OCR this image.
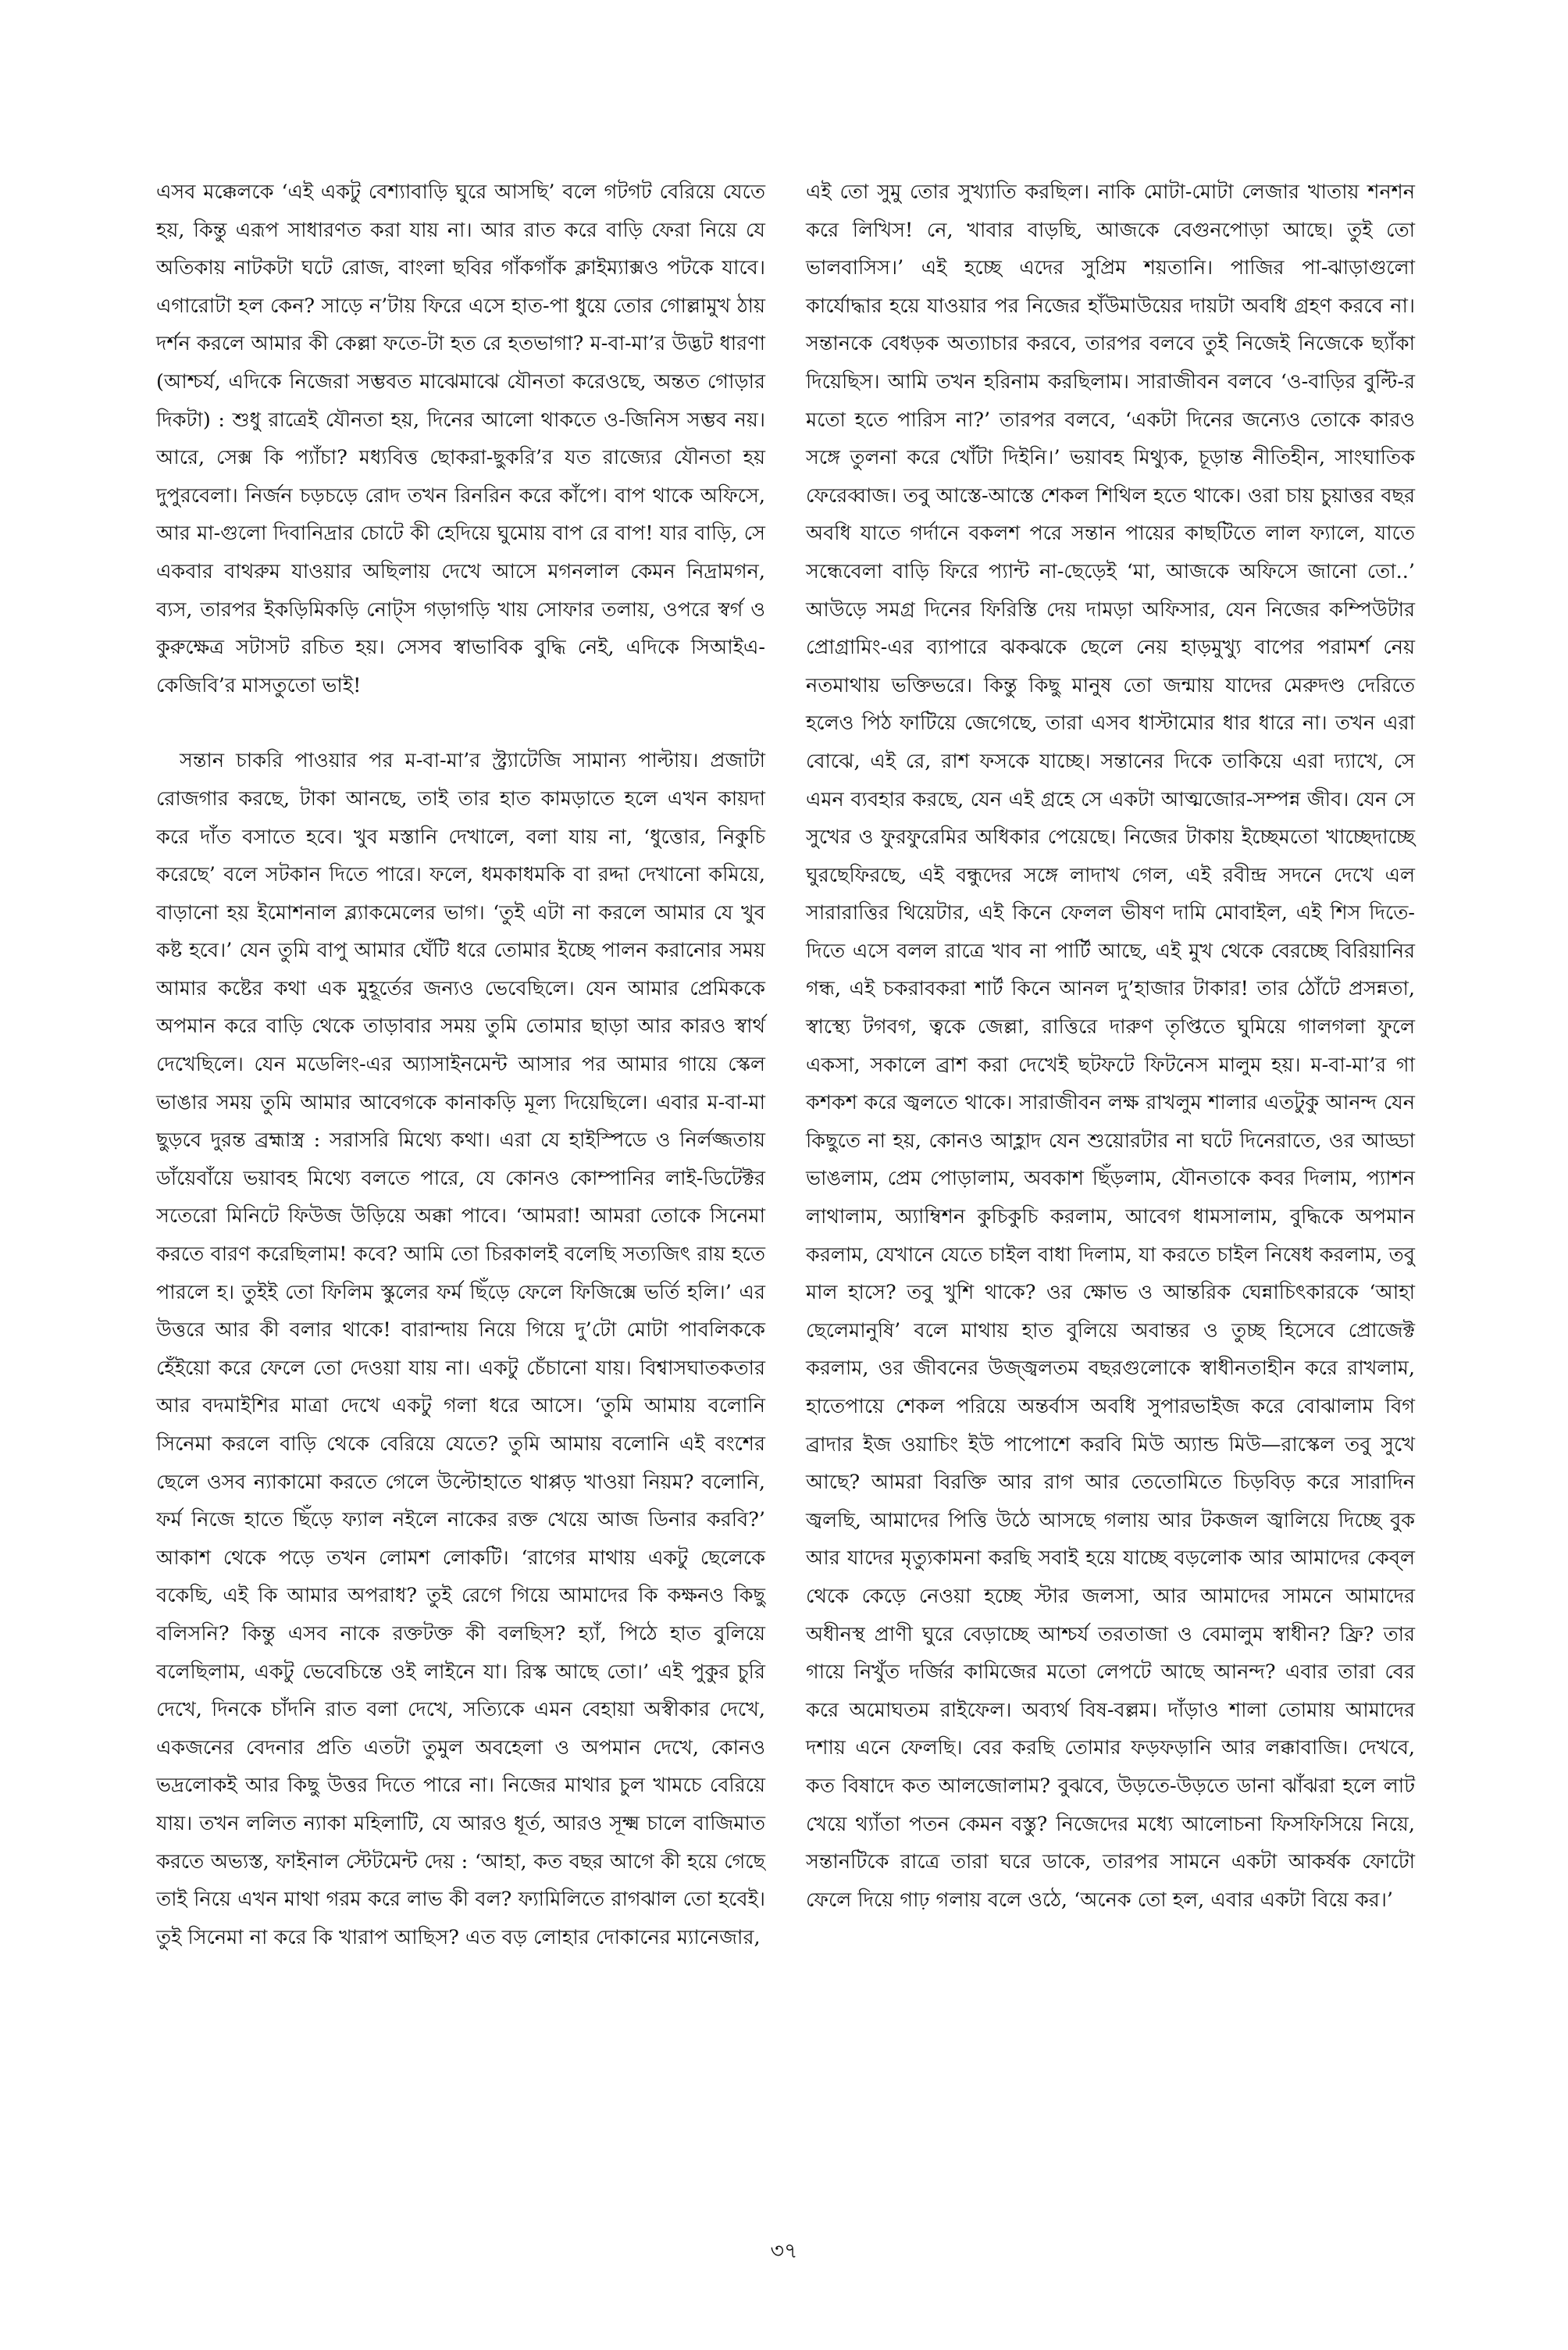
এসব মক্কেলকে ‘এই একটু বেশ্যাবাড়ি ঘুরে আসছি’ বলে গটগট বেরিয়ে যেতে হয়, কিন্তু এরূপ সাধারণত করা যায় না। আর রাত করে বাড়ি ফেরা নিয়ে যে অতিকায় নাটকটা ঘটে রোজ, বাংলা ছবির গাঁকগাঁক ক্লাইম্যাক্সও পটকে যাবে। এগারোটা হল কেন? সাড়ে ন’টায় ফিরে এসে হাত-পা ধুয়ে তোর গোল্লামুখ ঠায় দর্শন করলে আমার কী কেল্লা ফতে-টা হত রে হতভাগা? ম-বা-মা’র উদ্ভট ধারণা (আশ্চর্য, এদিকে নিজেরা সম্ভবত মাঝেমাঝে যৌনতা করেওছে, অন্তত গোড়ার দিকটা) : শুধু রাত্রেই যৌনতা হয়, দিনের আলো থাকতে ও-জিনিস সম্ভব নয়। আরে, সেক্স কি প্যাঁচা? মধ্যবিত্ত ছোকরা-ছুকরি’র যত রাজ্যের যৌনতা হয় দুপুরবেলা। নির্জন চড়চড়ে রোদ তখন রিনরিন করে কাঁপে। বাপ থাকে অফিসে, আর মা-গুলো দিবানিদ্রার চোটে কী হেদিয়ে ঘুমোয় বাপ রে বাপ! যার বাড়ি, সে একবার বাথরুম যাওয়ার অছিলায় দেখে আসে মগনলাল কেমন নিদ্রামগন, ব্যস, তারপর ইকড়িমিকড়ি নোট্স গড়াগড়ি খায় সোফার তলায়, ওপরে স্বর্গ ও কুরুক্ষেত্র সটাসট রচিত হয়। সেসব স্বাভাবিক বুদ্ধি নেই, এদিকে সিআইএ-কেজিবি’র মাসতুতো ভাই!

সন্তান চাকরি পাওয়ার পর ম-বা-মা’র স্ট্র্যাটেজি সামান্য পাল্টায়। প্রজাটা রোজগার করছে, টাকা আনছে, তাই তার হাত কামড়াতে হলে এখন কায়দা করে দাঁত বসাতে হবে। খুব মস্তানি দেখালে, বলা যায় না, ‘ধুত্তোর, নিকুচি করেছে’ বলে সটকান দিতে পারে। ফলে, ধমকাধমকি বা রদ্দা দেখানো কমিয়ে, বাড়ানো হয় ইমোশনাল ব্ল্যাকমেলের ভাগ। ‘তুই এটা না করলে আমার যে খুব কষ্ট হবে।’ যেন তুমি বাপু আমার ঘেঁটি ধরে তোমার ইচ্ছে পালন করানোর সময় আমার কষ্টের কথা এক মুহূর্তের জন্যও ভেবেছিলে। যেন আমার প্রেমিককে অপমান করে বাড়ি থেকে তাড়াবার সময় তুমি তোমার ছাড়া আর কারও স্বার্থ দেখেছিলে। যেন মডেলিং-এর অ্যাসাইনমেন্ট আসার পর আমার গায়ে স্কেল ভাঙার সময় তুমি আমার আবেগকে কানাকড়ি মূল্য দিয়েছিলে। এবার ম-বা-মা ছুড়বে দুরন্ত ব্রহ্মাস্ত্র : সরাসরি মিথ্যে কথা। এরা যে হাইস্পিডে ও নির্লজ্জতায় ডাঁয়েবাঁয়ে ভয়াবহ মিথ্যে বলতে পারে, যে কোনও কোম্পানির লাই-ডিটেক্টর সতেরো মিনিটে ফিউজ উড়িয়ে অক্কা পাবে। ‘আমরা! আমরা তোকে সিনেমা করতে বারণ করেছিলাম! কবে? আমি তো চিরকালই বলেছি সত্যজিৎ রায় হতে পারলে হ। তুইই তো ফিলিম স্কুলের ফর্ম ছিঁড়ে ফেলে ফিজিক্সে ভর্তি হলি।’ এর উত্তরে আর কী বলার থাকে! বারান্দায় নিয়ে গিয়ে দু’টো মোটা পাবলিককে হেঁইয়ো করে ফেলে তো দেওয়া যায় না। একটু চেঁচানো যায়। বিশ্বাসঘাতকতার আর বদমাইশির মাত্রা দেখে একটু গলা ধরে আসে। ‘তুমি আমায় বলোনি সিনেমা করলে বাড়ি থেকে বেরিয়ে যেতে? তুমি আমায় বলোনি এই বংশের ছেলে ওসব ন্যাকামো করতে গেলে উল্টোহাতে থাপ্পড় খাওয়া নিয়ম? বলোনি, ফর্ম নিজে হাতে ছিঁড়ে ফ্যাল নইলে নাকের রক্ত খেয়ে আজ ডিনার করবি?’ আকাশ থেকে পড়ে তখন লোমশ লোকটি। ‘রাগের মাথায় একটু ছেলেকে বকেছি, এই কি আমার অপরাধ? তুই রেগে গিয়ে আমাদের কি কক্ষনও কিছু বলিসনি? কিন্তু এসব নাকে রক্তটক্ত কী বলছিস? হ্যাঁ, পিঠে হাত বুলিয়ে বলেছিলাম, একটু ভেবেচিন্তে ওই লাইনে যা। রিস্ক আছে তো।’ এই পুকুর চুরি দেখে, দিনকে চাঁদনি রাত বলা দেখে, সত্যিকে এমন বেহায়া অস্বীকার দেখে, একজনের বেদনার প্রতি এতটা তুমুল অবহেলা ও অপমান দেখে, কোনও ভদ্রলোকই আর কিছু উত্তর দিতে পারে না। নিজের মাথার চুল খামচে বেরিয়ে যায়। তখন ললিত ন্যাকা মহিলাটি, যে আরও ধূর্ত, আরও সূক্ষ্ম চালে বাজিমাত করতে অভ্যস্ত, ফাইনাল স্টেটমেন্ট দেয় : ‘আহা, কত বছর আগে কী হয়ে গেছে তাই নিয়ে এখন মাথা গরম করে লাভ কী বল? ফ্যামিলিতে রাগঝাল তো হবেই। তুই সিনেমা না করে কি খারাপ আছিস? এত বড় লোহার দোকানের ম্যানেজার,

এই তো সুমু তোর সুখ্যাতি করছিল। নাকি মোটা-মোটা লেজার খাতায় শনশন করে লিখিস! নে, খাবার বাড়ছি, আজকে বেগুনপোড়া আছে। তুই তো ভালবাসিস।’ এই হচ্ছে এদের সুপ্রিম শয়তানি। পাজির পা-ঝাড়াগুলো কার্যোদ্ধার হয়ে যাওয়ার পর নিজের হাঁউমাউয়ের দায়টা অবধি গ্রহণ করবে না। সন্তানকে বেধড়ক অত্যাচার করবে, তারপর বলবে তুই নিজেই নিজেকে ছ্যাঁকা দিয়েছিস। আমি তখন হরিনাম করছিলাম। সারাজীবন বলবে ‘ও-বাড়ির বুল্টি-র মতো হতে পারিস না?’ তারপর বলবে, ‘একটা দিনের জন্যেও তোকে কারও সঙ্গে তুলনা করে খোঁটা দিইনি।’ ভয়াবহ মিথ্যুক, চূড়ান্ত নীতিহীন, সাংঘাতিক ফেরেব্বাজ। তবু আস্তে-আস্তে শেকল শিথিল হতে থাকে। ওরা চায় চুয়াত্তর বছর অবধি যাতে গর্দানে বকলশ পরে সন্তান পায়ের কাছটিতে লাল ফ্যালে, যাতে সন্ধেবেলা বাড়ি ফিরে প্যান্ট না-ছেড়েই ‘মা, আজকে অফিসে জানো তো..’ আউড়ে সমগ্র দিনের ফিরিস্তি দেয় দামড়া অফিসার, যেন নিজের কম্পিউটার প্রোগ্রামিং-এর ব্যাপারে ঝকঝকে ছেলে নেয় হাড়মুখ্যু বাপের পরামর্শ নেয় নতমাথায় ভক্তিভরে। কিন্তু কিছু মানুষ তো জন্মায় যাদের মেরুদণ্ড দেরিতে হলেও পিঠ ফাটিয়ে জেগেছে, তারা এসব ধাস্টামোর ধার ধারে না। তখন এরা বোঝে, এই রে, রাশ ফসকে যাচ্ছে। সন্তানের দিকে তাকিয়ে এরা দ্যাখে, সে এমন ব্যবহার করছে, যেন এই গ্রহে সে একটা আত্মজোর-সম্পন্ন জীব। যেন সে সুখের ও ফুরফুরেমির অধিকার পেয়েছে। নিজের টাকায় ইচ্ছেমতো খাচ্ছেদাচ্ছে ঘুরছেফিরছে, এই বন্ধুদের সঙ্গে লাদাখ গেল, এই রবীন্দ্র সদনে দেখে এল সারারাত্তির থিয়েটার, এই কিনে ফেলল ভীষণ দামি মোবাইল, এই শিস দিতে-দিতে এসে বলল রাত্রে খাব না পার্টি আছে, এই মুখ থেকে বেরচ্ছে বিরিয়ানির গন্ধ, এই চকরাবকরা শার্ট কিনে আনল দু’হাজার টাকার! তার ঠোঁটে প্রসন্নতা, স্বাস্থ্যে টগবগ, ত্বকে জেল্লা, রাত্তিরে দারুণ তৃপ্তিতে ঘুমিয়ে গালগলা ফুলে একসা, সকালে ব্রাশ করা দেখেই ছটফটে ফিটনেস মালুম হয়। ম-বা-মা’র গা কশকশ করে জ্বলতে থাকে। সারাজীবন লক্ষ রাখলুম শালার এতটুকু আনন্দ যেন কিছুতে না হয়, কোনও আহ্লাদ যেন শুয়োরটার না ঘটে দিনেরাতে, ওর আড্ডা ভাঙলাম, প্রেম পোড়ালাম, অবকাশ ছিঁড়লাম, যৌনতাকে কবর দিলাম, প্যাশন লাথালাম, অ্যাম্বিশন কুচিকুচি করলাম, আবেগ ধামসালাম, বুদ্ধিকে অপমান করলাম, যেখানে যেতে চাইল বাধা দিলাম, যা করতে চাইল নিষেধ করলাম, তবু মাল হাসে? তবু খুশি থাকে? ওর ক্ষোভ ও আন্তরিক ঘেন্নাচিৎকারকে ‘আহা ছেলেমানুষি’ বলে মাথায় হাত বুলিয়ে অবান্তর ও তুচ্ছ হিসেবে প্রোজেক্ট করলাম, ওর জীবনের উজ্জ্বলতম বছরগুলোকে স্বাধীনতাহীন করে রাখলাম, হাতেপায়ে শেকল পরিয়ে অন্তর্বাস অবধি সুপারভাইজ করে বোঝালাম বিগ ব্রাদার ইজ ওয়াচিং ইউ পাপোশে করবি মিউ অ্যান্ড মিউ—রাস্কেল তবু সুখে আছে? আমরা বিরক্তি আর রাগ আর তেতোমিতে চিড়বিড় করে সারাদিন জ্বলছি, আমাদের পিত্তি উঠে আসছে গলায় আর টকজল জ্বালিয়ে দিচ্ছে বুক আর যাদের মৃত্যুকামনা করছি সবাই হয়ে যাচ্ছে বড়লোক আর আমাদের কেব্‌ল থেকে কেড়ে নেওয়া হচ্ছে স্টার জলসা, আর আমাদের সামনে আমাদের অধীনস্থ প্রাণী ঘুরে বেড়াচ্ছে আশ্চর্য তরতাজা ও বেমালুম স্বাধীন? ফ্রি? তার গায়ে নিখুঁত দর্জির কামিজের মতো লেপটে আছে আনন্দ? এবার তারা বের করে অমোঘতম রাইফেল। অব্যর্থ বিষ-বল্লম। দাঁড়াও শালা তোমায় আমাদের দশায় এনে ফেলছি। বের করছি তোমার ফড়ফড়ানি আর লক্কাবাজি। দেখবে, কত বিষাদে কত আলজোলাম? বুঝবে, উড়তে-উড়তে ডানা ঝাঁঝরা হলে লাট খেয়ে থ্যাঁতা পতন কেমন বস্তু? নিজেদের মধ্যে আলোচনা ফিসফিসিয়ে নিয়ে, সন্তানটিকে রাত্রে তারা ঘরে ডাকে, তারপর সামনে একটা আকর্ষক ফোটো ফেলে দিয়ে গাঢ় গলায় বলে ওঠে, ‘অনেক তো হল, এবার একটা বিয়ে কর।’

৩৭
